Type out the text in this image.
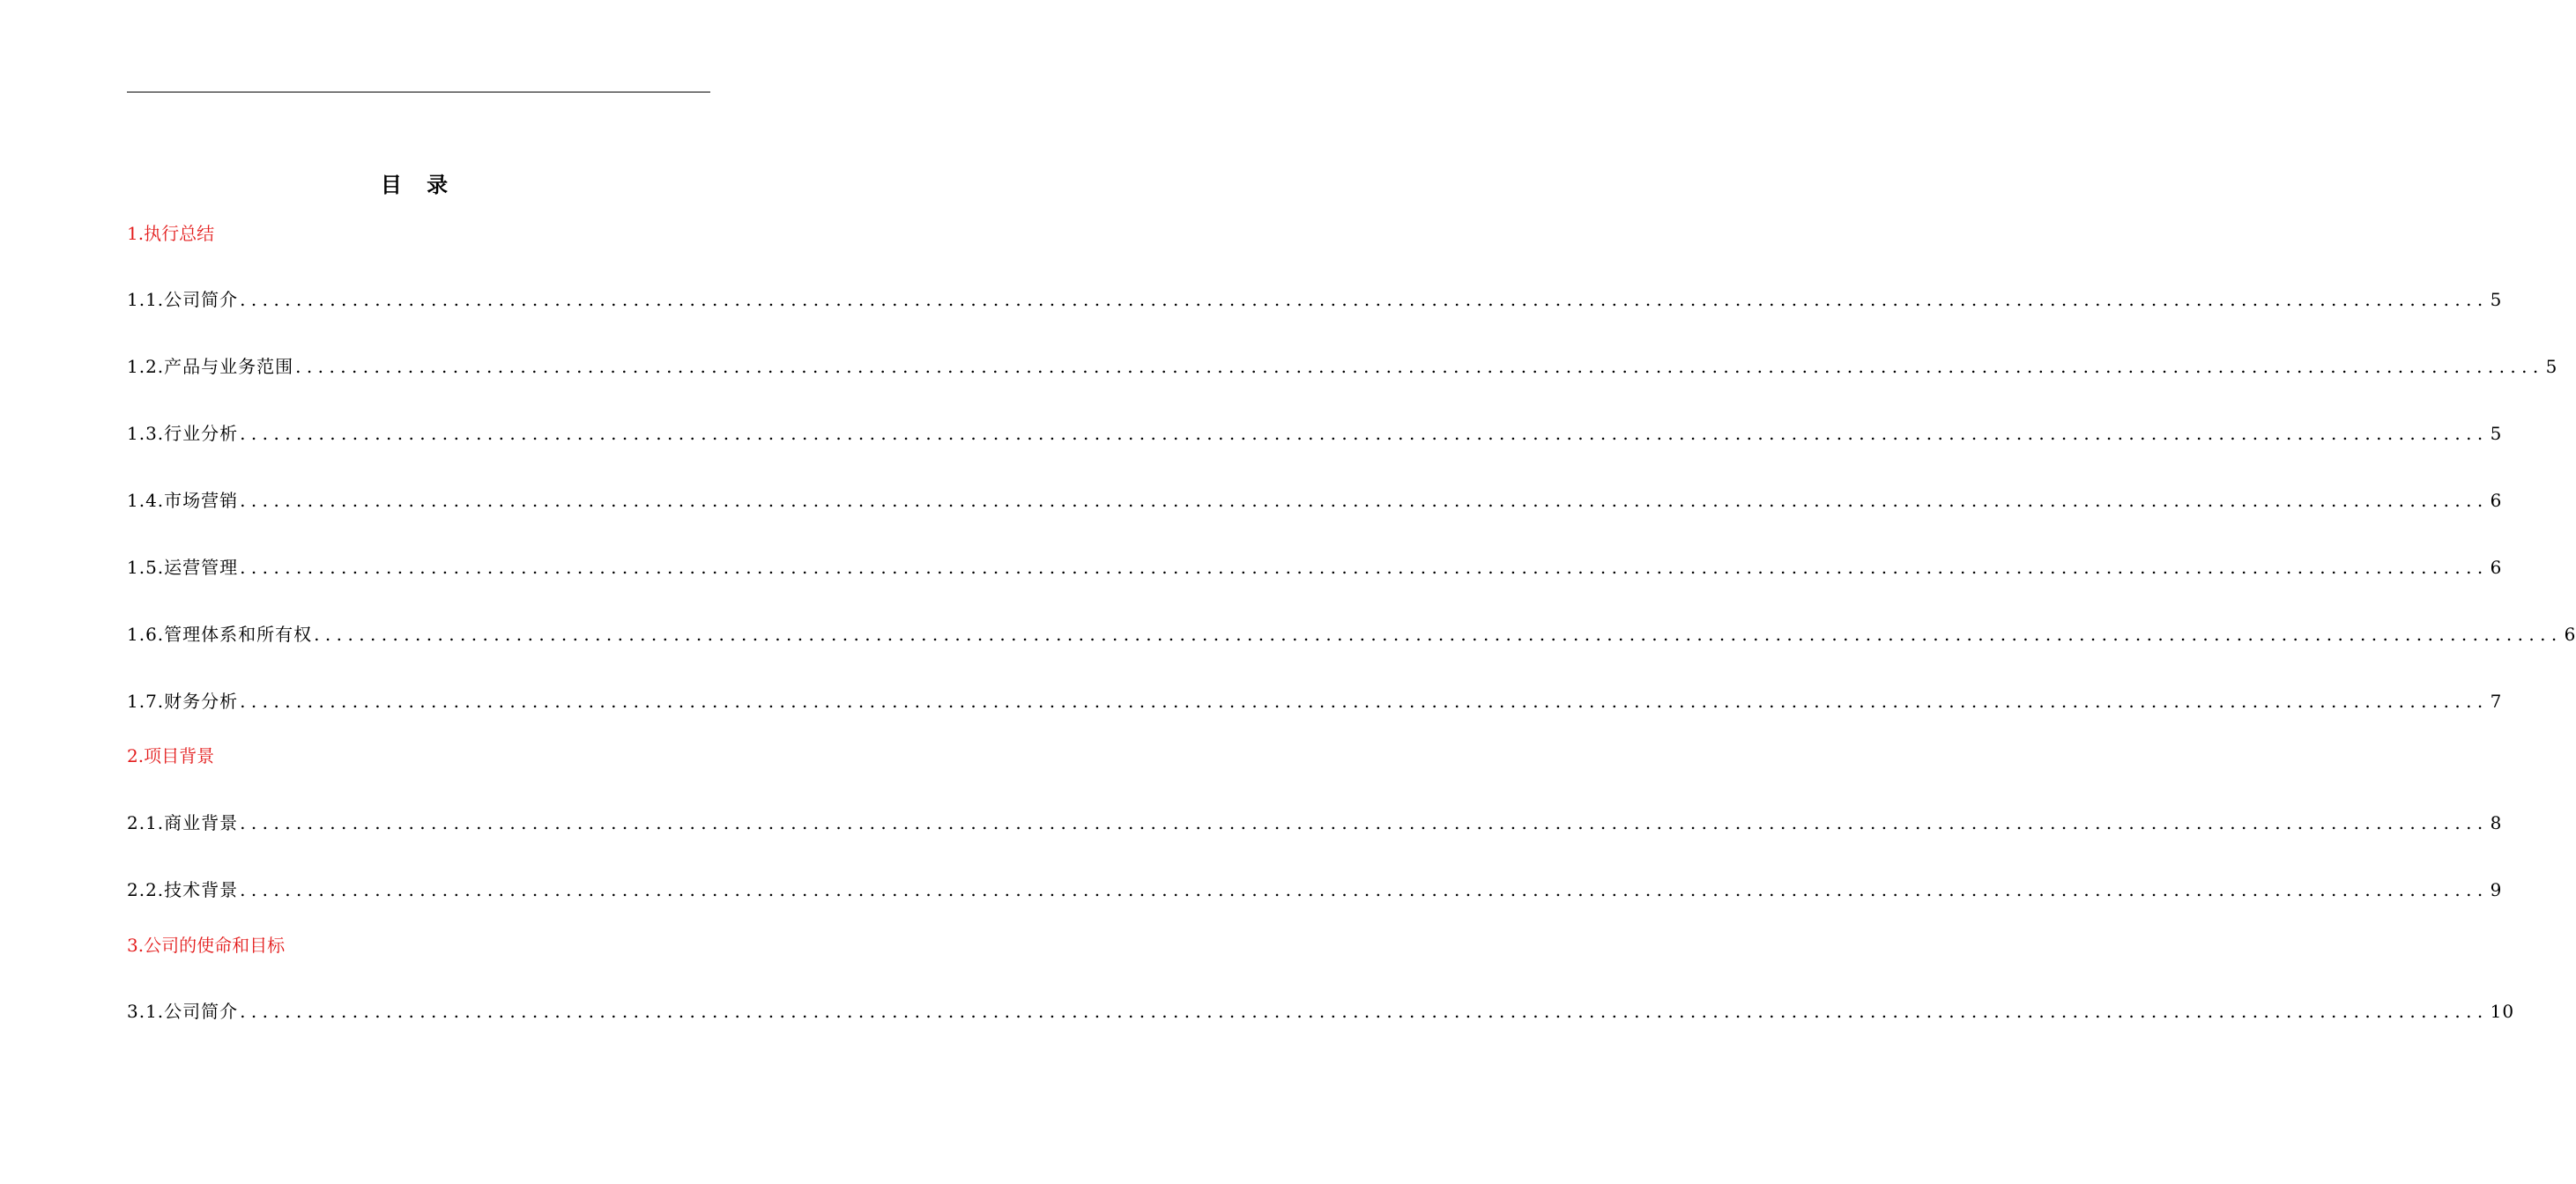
目 录
1.执行总结
1.1.公司简介 ........................................................................................................................................................................................................ 5
1.2.产品与业务范围 ........................................................................................................................................................................................................ 5
1.3.行业分析 ........................................................................................................................................................................................................ 5
1.4.市场营销 ........................................................................................................................................................................................................ 6
1.5.运营管理 ........................................................................................................................................................................................................ 6
1.6.管理体系和所有权 ........................................................................................................................................................................................................ 6
1.7.财务分析 ........................................................................................................................................................................................................ 7
2.项目背景
2.1.商业背景 ........................................................................................................................................................................................................ 8
2.2.技术背景 ........................................................................................................................................................................................................ 9
3.公司的使命和目标
3.1.公司简介 ........................................................................................................................................................................................................ 10
